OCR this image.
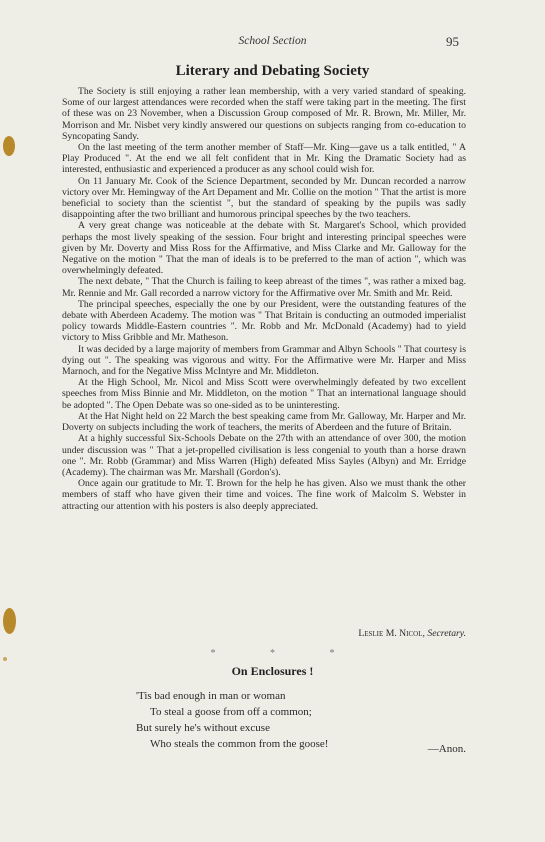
School Section	95
Literary and Debating Society

The Society is still enjoying a rather lean membership, with a very varied standard of speaking. Some of our largest attendances were recorded when the staff were taking part in the meeting. The first of these was on 23 November, when a Discussion Group composed of Mr. R. Brown, Mr. Miller, Mr. Morrison and Mr. Nisbet very kindly answered our questions on subjects ranging from co-education to Syncopating Sandy.

On the last meeting of the term another member of Staff—Mr. King—gave us a talk entitled, " A Play Produced ". At the end we all felt confident that in Mr. King the Dramatic Society had as interested, enthusiastic and experienced a producer as any school could wish for.

On 11 January Mr. Cook of the Science Department, seconded by Mr. Duncan recorded a narrow victory over Mr. Hemingway of the Art Depament and Mr. Collie on the motion " That the artist is more beneficial to society than the scientist ", but the standard of speaking by the pupils was sadly disappointing after the two brilliant and humorous principal speeches by the two teachers.

A very great change was noticeable at the debate with St. Margaret's School, which provided perhaps the most lively speaking of the session. Four bright and interesting principal speeches were given by Mr. Doverty and Miss Ross for the Affirmative, and Miss Clarke and Mr. Galloway for the Negative on the motion " That the man of ideals is to be preferred to the man of action ", which was overwhelmingly defeated.

The next debate, " That the Church is failing to keep abreast of the times ", was rather a mixed bag. Mr. Rennie and Mr. Gall recorded a narrow victory for the Affirmative over Mr. Smith and Mr. Reid.

The principal speeches, especially the one by our President, were the outstanding features of the debate with Aberdeen Academy. The motion was " That Britain is conducting an outmoded imperialist policy towards Middle-Eastern countries ". Mr. Robb and Mr. McDonald (Academy) had to yield victory to Miss Gribble and Mr. Matheson.

It was decided by a large majority of members from Grammar and Albyn Schools " That courtesy is dying out ". The speaking was vigorous and witty. For the Affirmative were Mr. Harper and Miss Marnoch, and for the Negative Miss McIntyre and Mr. Middleton.

At the High School, Mr. Nicol and Miss Scott were overwhelmingly defeated by two excellent speeches from Miss Binnie and Mr. Middleton, on the motion " That an international language should be adopted ". The Open Debate was so one-sided as to be uninteresting.

At the Hat Night held on 22 March the best speaking came from Mr. Galloway, Mr. Harper and Mr. Doverty on subjects including the work of teachers, the merits of Aberdeen and the future of Britain.

At a highly successful Six-Schools Debate on the 27th with an attendance of over 300, the motion under discussion was " That a jet-propelled civilisation is less congenial to youth than a horse drawn one ". Mr. Robb (Grammar) and Miss Warren (High) defeated Miss Sayles (Albyn) and Mr. Erridge (Academy). The chairman was Mr. Marshall (Gordon's).

Once again our gratitude to Mr. T. Brown for the help he has given. Also we must thank the other members of staff who have given their time and voices. The fine work of Malcolm S. Webster in attracting our attention with his posters is also deeply appreciated.

Leslie M. Nicol, Secretary.
* * *
On Enclosures !
'Tis bad enough in man or woman
To steal a goose from off a common;
But surely he's without excuse
Who steals the common from the goose!	—Anon.
